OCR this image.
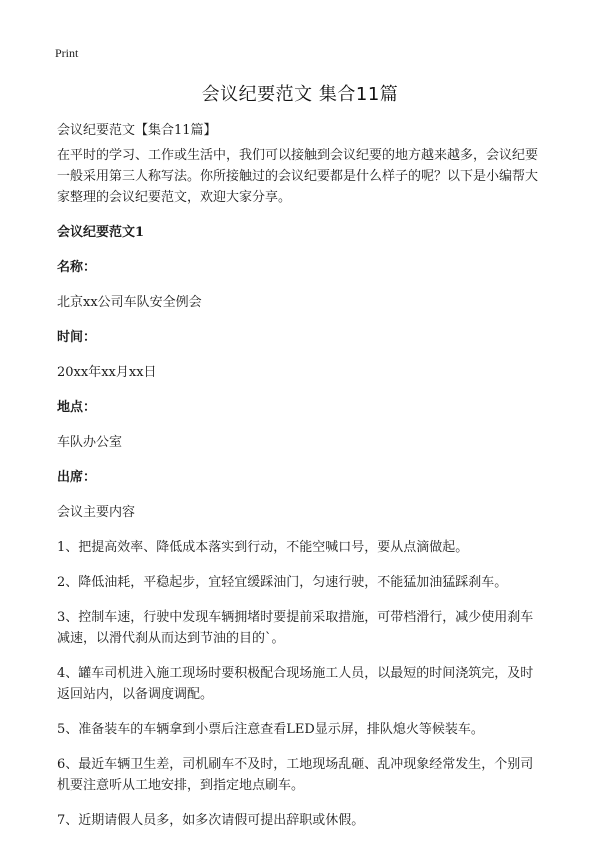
Print
会议纪要范文 集合11篇

会议纪要范文【集合11篇】

在平时的学习、工作或生活中，我们可以接触到会议纪要的地方越来越多，会议纪要一般采用第三人称写法。你所接触过的会议纪要都是什么样子的呢？以下是小编帮大家整理的会议纪要范文，欢迎大家分享。

会议纪要范文1

名称：

北京xx公司车队安全例会

时间：

20xx年xx月xx日

地点：

车队办公室

出席：

会议主要内容

1、把提高效率、降低成本落实到行动，不能空喊口号，要从点滴做起。

2、降低油耗，平稳起步，宜轻宜缓踩油门，匀速行驶，不能猛加油猛踩刹车。

3、控制车速，行驶中发现车辆拥堵时要提前采取措施，可带档滑行，减少使用刹车减速，以滑代刹从而达到节油的目的`。

4、罐车司机进入施工现场时要积极配合现场施工人员，以最短的时间浇筑完，及时返回站内，以备调度调配。

5、准备装车的车辆拿到小票后注意查看LED显示屏，排队熄火等候装车。

6、最近车辆卫生差，司机刷车不及时，工地现场乱砸、乱冲现象经常发生，个别司机要注意听从工地安排，到指定地点刷车。

7、近期请假人员多，如多次请假可提出辞职或休假。
